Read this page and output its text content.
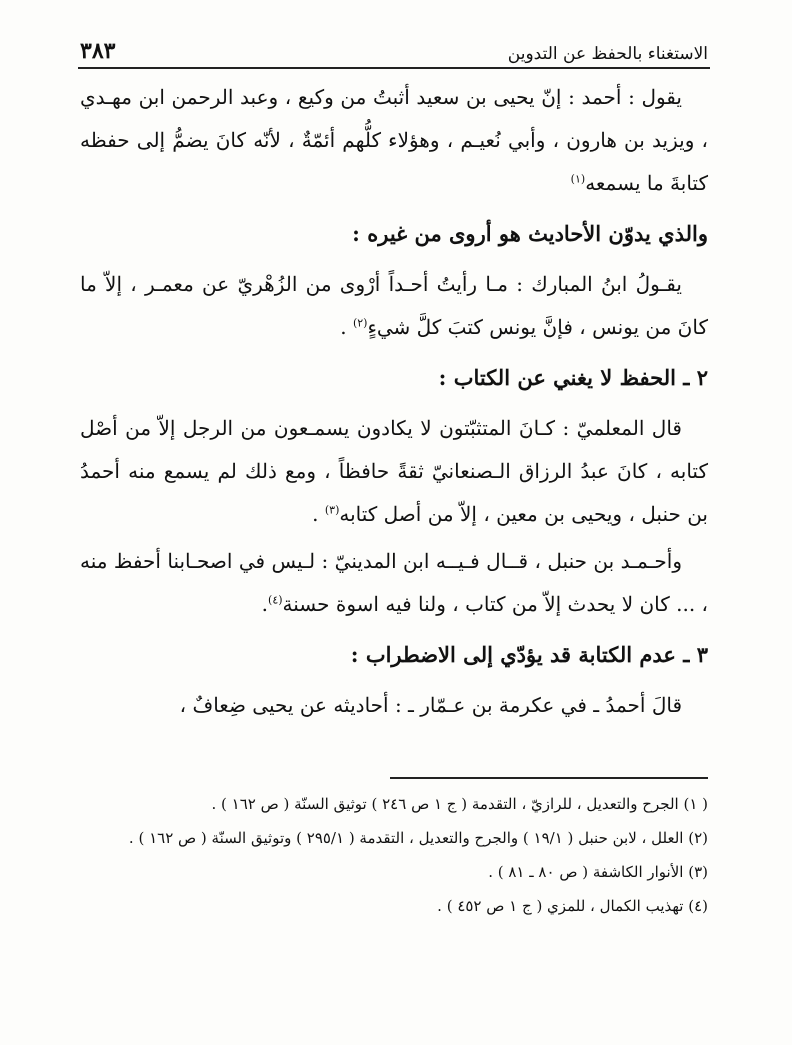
الاستغناء بالحفظ عن التدوين
٣٨٣

يقول : أحمد : إنّ يحيى بن سعيد أثبتُ من وكيع ، وعبد الرحمن ابن مهـدي ، ويزيد بن هارون ، وأبي نُعيـم ، وهؤلاء كلُّهم أئمّةٌ ، لأنّه كانَ يضمُّ إلى حفظه كتابةَ ما يسمعه$^{(١)}$

والذي يدوّن الأحاديث هو أروى من غيره :

يقـولُ ابنُ المبارك : مـا رأيتُ أحـداً أرْوى من الزُهْريّ عن معمـر ، إلاّ ما كانَ من يونس ، فإنَّ يونس كتبَ كلَّ شيءٍ$^{(٢)}$ .

٢ ـ الحفظ لا يغني عن الكتاب :

قال المعلميّ : كـانَ المتثبّتون لا يكادون يسمـعون من الرجل إلاّ من أصْل كتابه ، كانَ عبدُ الرزاق الـصنعانيّ ثقةً حافظاً ، ومع ذلك لم يسمع منه أحمدُ بن حنبل ، ويحيى بن معين ، إلاّ من أصل كتابه$^{(٣)}$ .

وأحـمـد بن حنبل ، قــال فـيــه ابن المدينيّ : لـيس في اصحـابنا أحفظ منه ، ... كان لا يحدث إلاّ من كتاب ، ولنا فيه اسوة حسنة$^{(٤)}$.

٣ ـ عدم الكتابة قد يؤدّي إلى الاضطراب :

قالَ أحمدُ ـ في عكرمة بن عـمّار ـ : أحاديثه عن يحيى ضِعافٌ ،

( ١) الجرح والتعديل ، للرازيّ ، التقدمة ( ج ١ ص ٢٤٦ ) توثيق السنّة ( ص ١٦٢ ) .

(٢) العلل ، لابن حنبل ( ١٩/١ ) والجرح والتعديل ، التقدمة ( ٢٩٥/١ ) وتوثيق السنّة ( ص ١٦٢ ) .

(٣) الأنوار الكاشفة ( ص ٨٠ ـ ٨١ ) .

(٤) تهذيب الكمال ، للمزي ( ج ١ ص ٤٥٢ ) .
